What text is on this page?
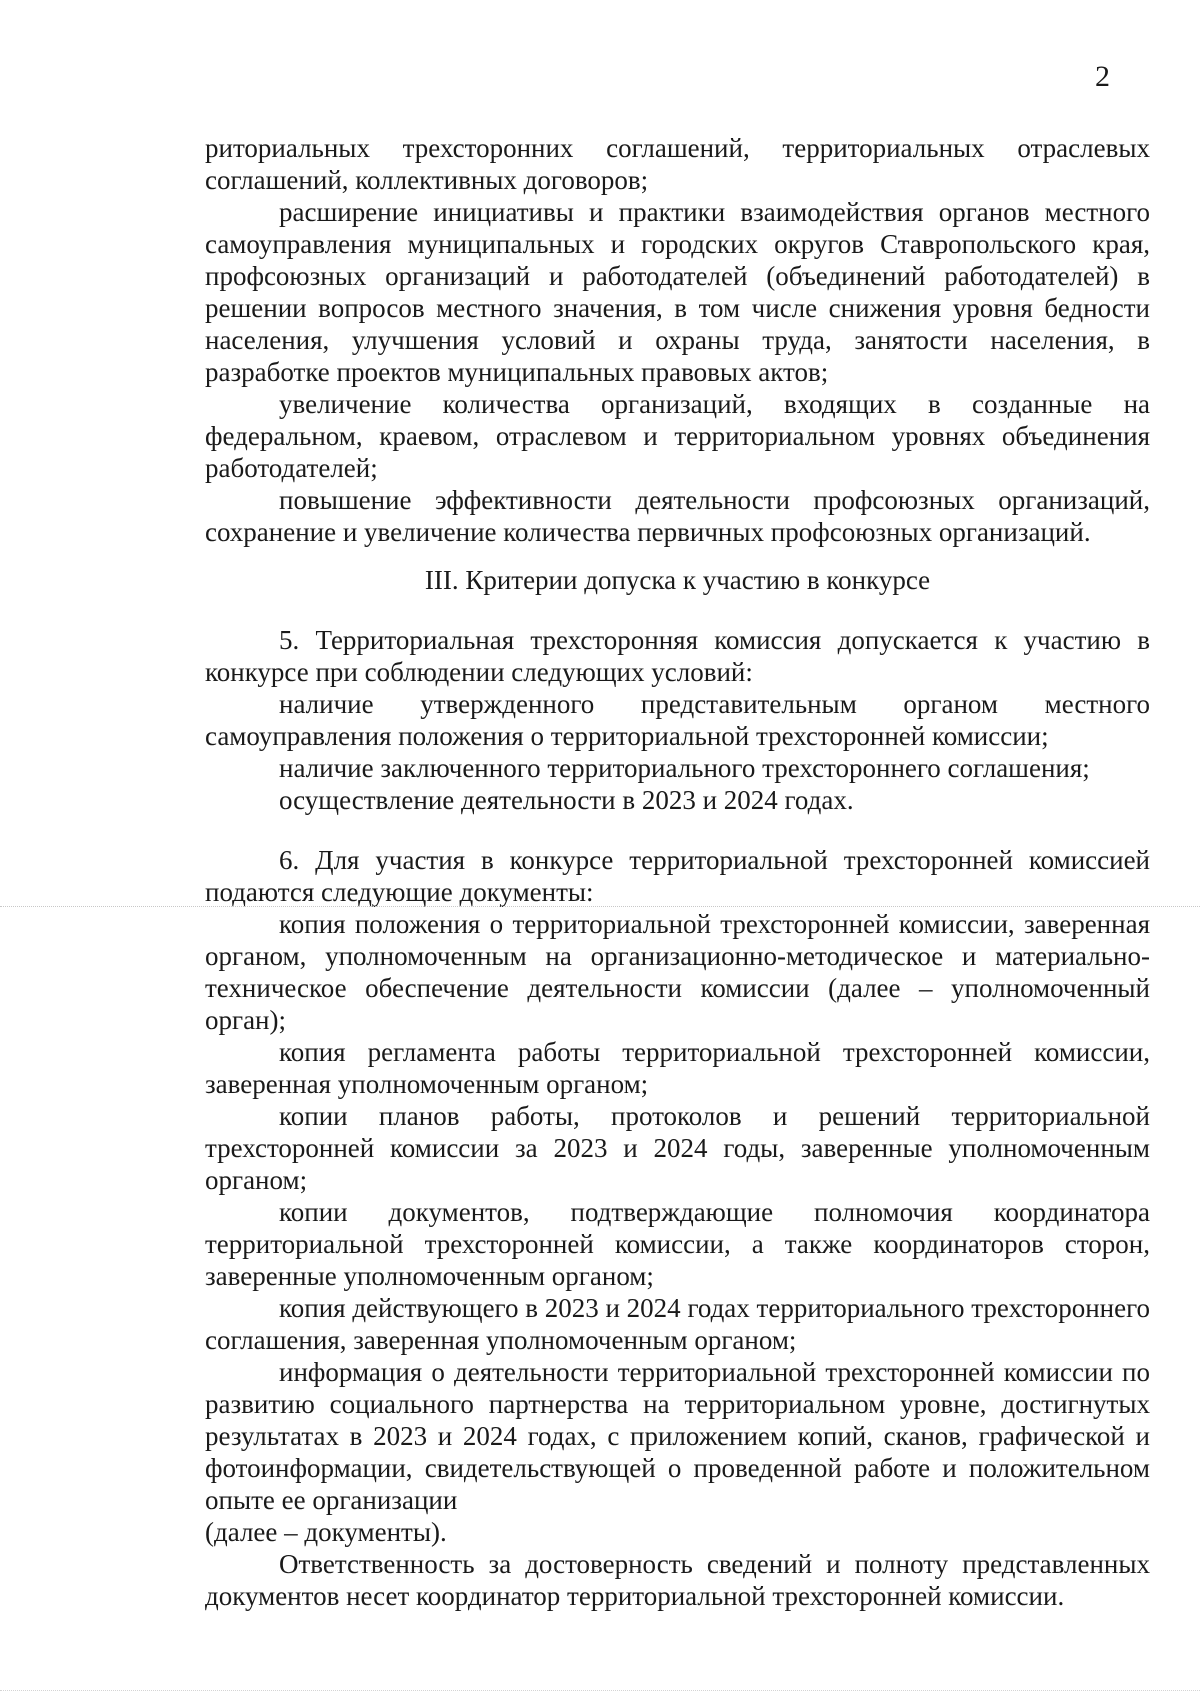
2

риториальных трехсторонних соглашений, территориальных отраслевых соглашений, коллективных договоров;

расширение инициативы и практики взаимодействия органов местного самоуправления муниципальных и городских округов Ставропольского края, профсоюзных организаций и работодателей (объединений работодателей) в решении вопросов местного значения, в том числе снижения уровня бедности населения, улучшения условий и охраны труда, занятости населения, в разработке проектов муниципальных правовых актов;

увеличение количества организаций, входящих в созданные на федеральном, краевом, отраслевом и территориальном уровнях объединения работодателей;

повышение эффективности деятельности профсоюзных организаций, сохранение и увеличение количества первичных профсоюзных организаций.

III. Критерии допуска к участию в конкурсе

5. Территориальная трехсторонняя комиссия допускается к участию в конкурсе при соблюдении следующих условий:

наличие утвержденного представительным органом местного самоуправления положения о территориальной трехсторонней комиссии;

наличие заключенного территориального трехстороннего соглашения;

осуществление деятельности в 2023 и 2024 годах.

6. Для участия в конкурсе территориальной трехсторонней комиссией подаются следующие документы:

копия положения о территориальной трехсторонней комиссии, заверенная органом, уполномоченным на организационно-методическое и материально-техническое обеспечение деятельности комиссии (далее – уполномоченный орган);

копия регламента работы территориальной трехсторонней комиссии, заверенная уполномоченным органом;

копии планов работы, протоколов и решений территориальной трехсторонней комиссии за 2023 и 2024 годы, заверенные уполномоченным органом;

копии документов, подтверждающие полномочия координатора территориальной трехсторонней комиссии, а также координаторов сторон, заверенные уполномоченным органом;

копия действующего в 2023 и 2024 годах территориального трехстороннего соглашения, заверенная уполномоченным органом;

информация о деятельности территориальной трехсторонней комиссии по развитию социального партнерства на территориальном уровне, достигнутых результатах в 2023 и 2024 годах, с приложением копий, сканов, графической и фотоинформации, свидетельствующей о проведенной работе и положительном опыте ее организации

(далее – документы).

Ответственность за достоверность сведений и полноту представленных документов несет координатор территориальной трехсторонней комиссии.
